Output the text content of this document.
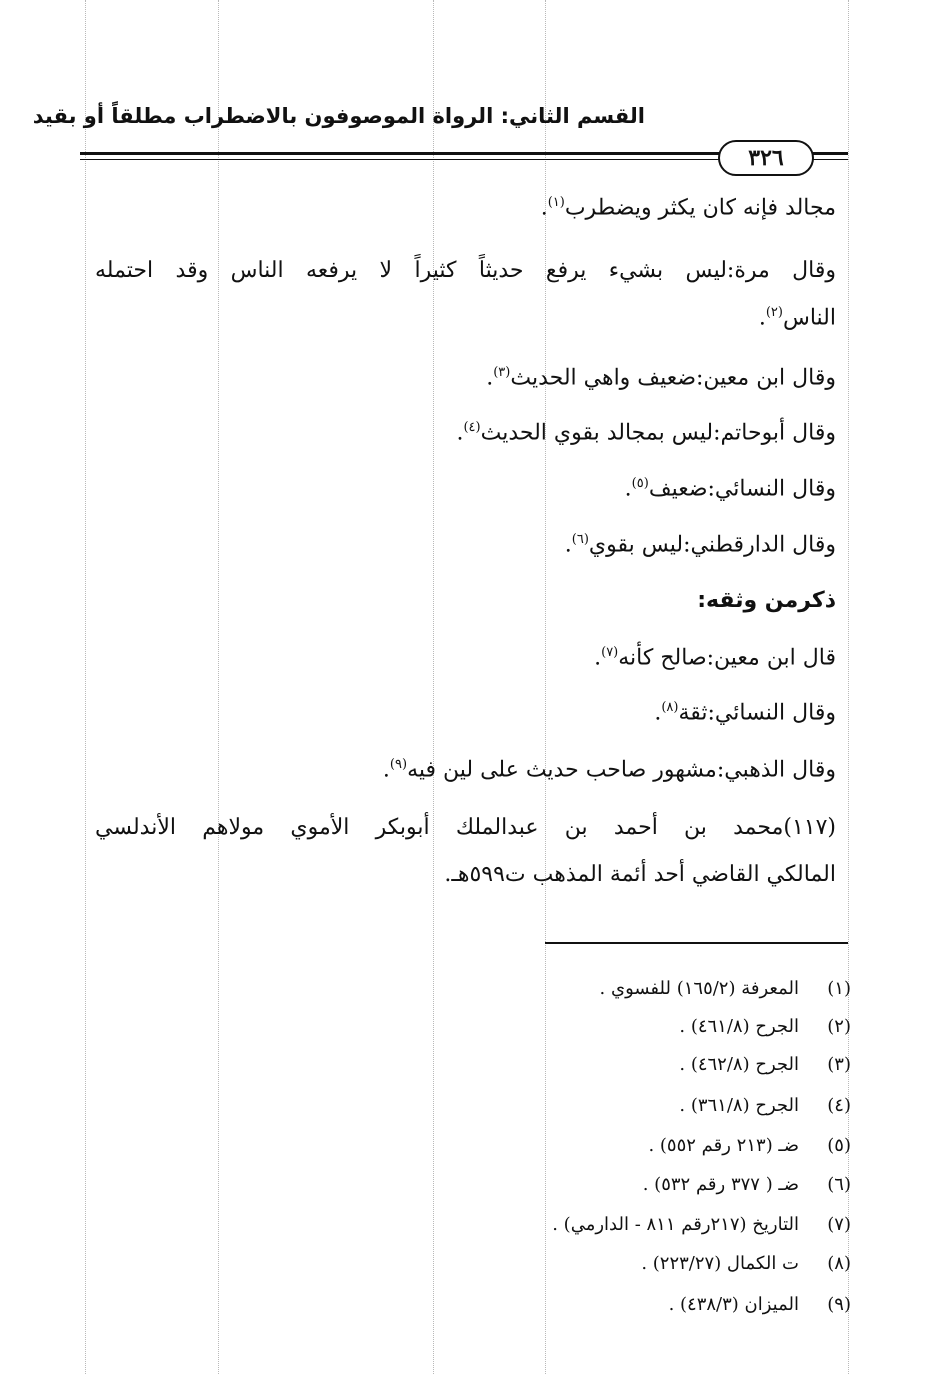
القسم الثاني: الرواة الموصوفون بالاضطراب مطلقاً أو بقيد
٣٢٦
مجالد فإنه كان يكثر ويضطرب$^{(١)}$.
وقال مرة:ليس بشيء يرفع حديثاً كثيراً لا يرفعه الناس وقد احتمله
الناس$^{(٢)}$.
وقال ابن معين:ضعيف واهي الحديث$^{(٣)}$.
وقال أبوحاتم:ليس بمجالد بقوي الحديث$^{(٤)}$.
وقال النسائي:ضعيف$^{(٥)}$.
وقال الدارقطني:ليس بقوي$^{(٦)}$.
ذكرمن وثقه:
قال ابن معين:صالح كأنه$^{(٧)}$.
وقال النسائي:ثقة$^{(٨)}$.
وقال الذهبي:مشهور صاحب حديث على لين فيه$^{(٩)}$.
(١١٧)محمد بن أحمد بن عبدالملك أبوبكر الأموي مولاهم الأندلسي
المالكي القاضي أحد أئمة المذهب ت٥٩٩هـ.
(١)المعرفة (١٦٥/٢) للفسوي .
(٢)الجرح (٤٦١/٨) .
(٣)الجرح (٤٦٢/٨) .
(٤)الجرح (٣٦١/٨) .
(٥)ضـ (٢١٣ رقم ٥٥٢) .
(٦)ضـ ( ٣٧٧ رقم ٥٣٢) .
(٧)التاريخ (٢١٧رقم ٨١١ - الدارمي) .
(٨)ت الكمال (٢٢٣/٢٧) .
(٩)الميزان (٤٣٨/٣) .
